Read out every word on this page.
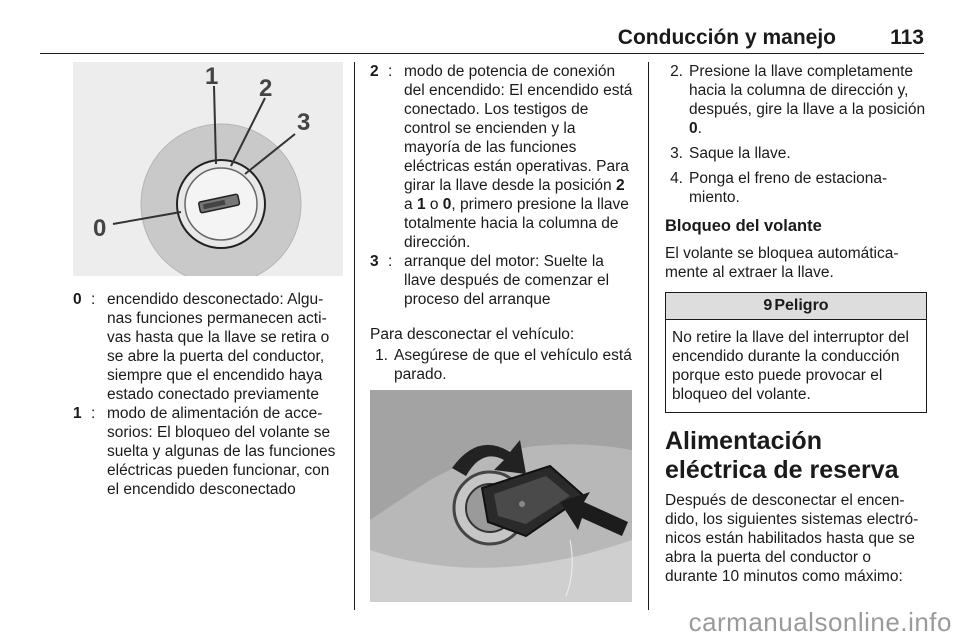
Conducción y manejo	113
1 2
3
0
0 : encendido desconectado: Algunas funciones permanecen activas hasta que la llave se retira o se abre la puerta del conductor, siempre que el encendido haya estado conectado previamente
1 : modo de alimentación de accesorios: El bloqueo del volante se suelta y algunas de las funciones eléctricas pueden funcionar, con el encendido desconectado
2 : modo de potencia de conexión del encendido: El encendido está conectado. Los testigos de control se encienden y la mayoría de las funciones eléctricas están operativas. Para girar la llave desde la posición 2 a 1 o 0, primero presione la llave totalmente hacia la columna de dirección.
3 : arranque del motor: Suelte la llave después de comenzar el proceso del arranque

Para desconectar el vehículo:

1. Asegúrese de que el vehículo está parado.
2. Presione la llave completamente hacia la columna de dirección y, después, gire la llave a la posición 0.
3. Saque la llave.
4. Ponga el freno de estacionamiento.
Bloqueo del volante

El volante se bloquea automáticamente al extraer la llave.

9 Peligro
No retire la llave del interruptor del encendido durante la conducción porque esto puede provocar el bloqueo del volante.
Alimentación eléctrica de reserva

Después de desconectar el encendido, los siguientes sistemas electrónicos están habilitados hasta que se abra la puerta del conductor o durante 10 minutos como máximo:

carmanualsonline.info
